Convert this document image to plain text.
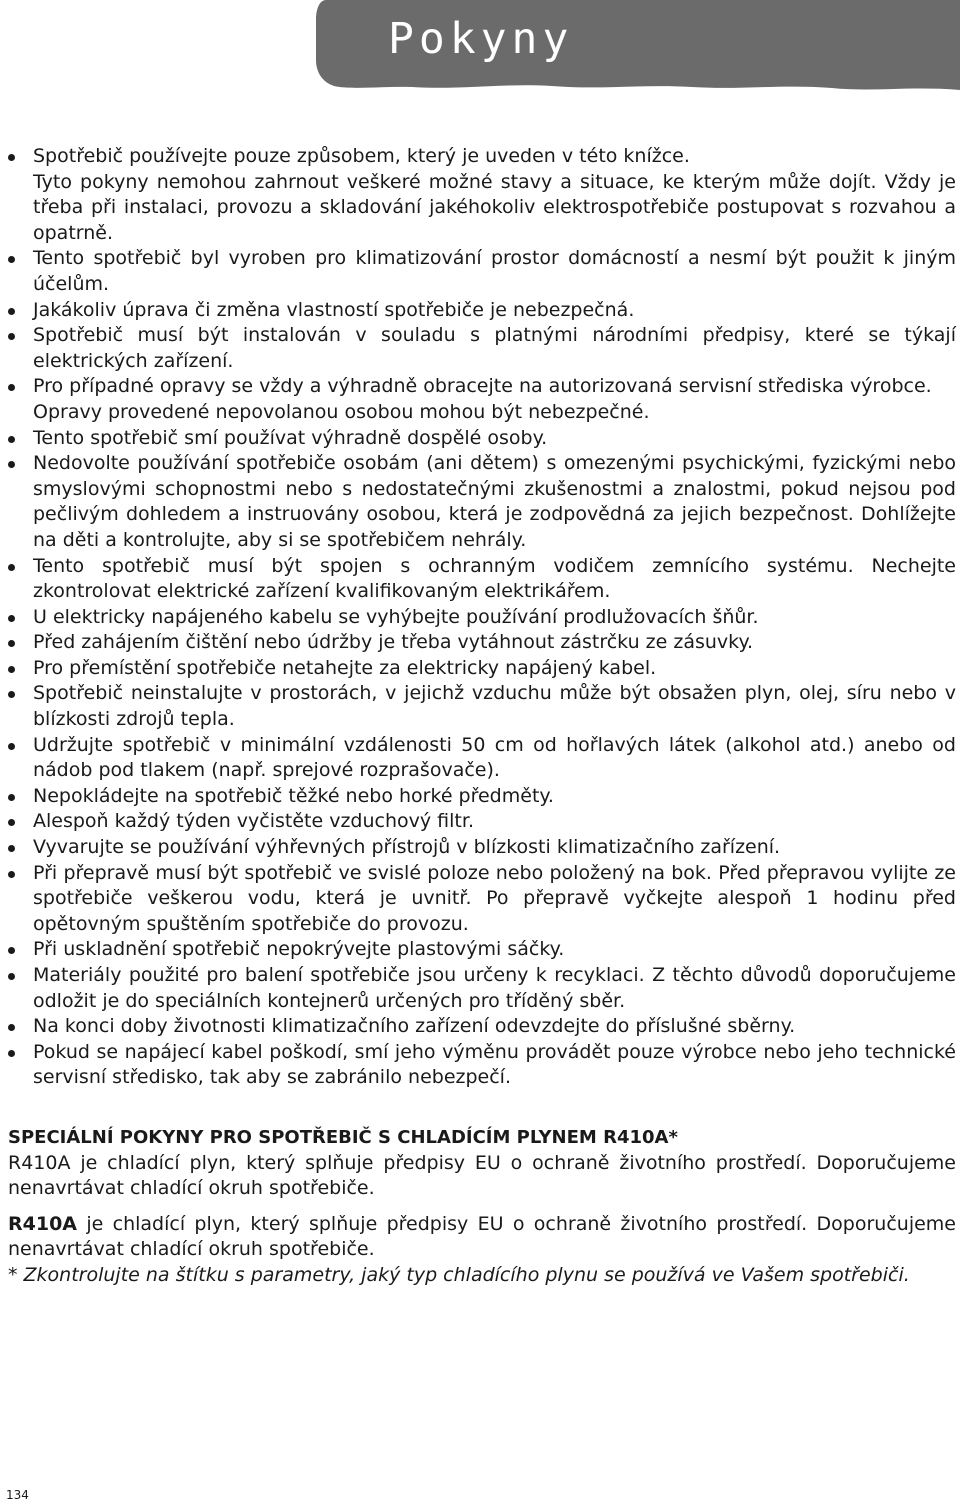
Pokyny
Spotřebič používejte pouze způsobem, který je uveden v této knížce.
Tyto pokyny nemohou zahrnout veškeré možné stavy a situace, ke kterým může dojít. Vždy je třeba při instalaci, provozu a skladování jakéhokoliv elektrospotřebiče postupovat s rozvahou a opatrně.
Tento spotřebič byl vyroben pro klimatizování prostor domácností a nesmí být použit k jiným účelům.
Jakákoliv úprava či změna vlastností spotřebiče je nebezpečná.
Spotřebič musí být instalován v souladu s platnými národními předpisy, které se týkají elektrických zařízení.
Pro případné opravy se vždy a výhradně obracejte na autorizovaná servisní střediska výrobce.
Opravy provedené nepovolanou osobou mohou být nebezpečné.
Tento spotřebič smí používat výhradně dospělé osoby.
Nedovolte používání spotřebiče osobám (ani dětem) s omezenými psychickými, fyzickými nebo smyslovými schopnostmi nebo s nedostatečnými zkušenostmi a znalostmi, pokud nejsou pod pečlivým dohledem a instruovány osobou, která je zodpovědná za jejich bezpečnost. Dohlížejte na děti a kontrolujte, aby si se spotřebičem nehrály.
Tento spotřebič musí být spojen s ochranným vodičem zemnícího systému. Nechejte zkontrolovat elektrické zařízení kvalifikovaným elektrikářem.
U elektricky napájeného kabelu se vyhýbejte používání prodlužovacích šňůr.
Před zahájením čištění nebo údržby je třeba vytáhnout zástrčku ze zásuvky.
Pro přemístění spotřebiče netahejte za elektricky napájený kabel.
Spotřebič neinstalujte v prostorách, v jejichž vzduchu může být obsažen plyn, olej, síru nebo v blízkosti zdrojů tepla.
Udržujte spotřebič v minimální vzdálenosti 50 cm od hořlavých látek (alkohol atd.) anebo od nádob pod tlakem (např. sprejové rozprašovače).
Nepokládejte na spotřebič těžké nebo horké předměty.
Alespoň každý týden vyčistěte vzduchový filtr.
Vyvarujte se používání výhřevných přístrojů v blízkosti klimatizačního zařízení.
Při přepravě musí být spotřebič ve svislé poloze nebo položený na bok. Před přepravou vylijte ze spotřebiče veškerou vodu, která je uvnitř. Po přepravě vyčkejte alespoň 1 hodinu před opětovným spuštěním spotřebiče do provozu.
Při uskladnění spotřebič nepokrývejte plastovými sáčky.
Materiály použité pro balení spotřebiče jsou určeny k recyklaci. Z těchto důvodů doporučujeme odložit je do speciálních kontejnerů určených pro tříděný sběr.
Na konci doby životnosti klimatizačního zařízení odevzdejte do příslušné sběrny.
Pokud se napájecí kabel poškodí, smí jeho výměnu provádět pouze výrobce nebo jeho technické servisní středisko, tak aby se zabránilo nebezpečí.
SPECIÁLNÍ POKYNY PRO SPOTŘEBIČ S CHLADÍCÍM PLYNEM R410A*

R410A je chladící plyn, který splňuje předpisy EU o ochraně životního prostředí. Doporučujeme nenavrtávat chladící okruh spotřebiče.

R410A je chladící plyn, který splňuje předpisy EU o ochraně životního prostředí. Doporučujeme nenavrtávat chladící okruh spotřebiče.

* Zkontrolujte na štítku s parametry, jaký typ chladícího plynu se používá ve Vašem spotřebiči.
134
